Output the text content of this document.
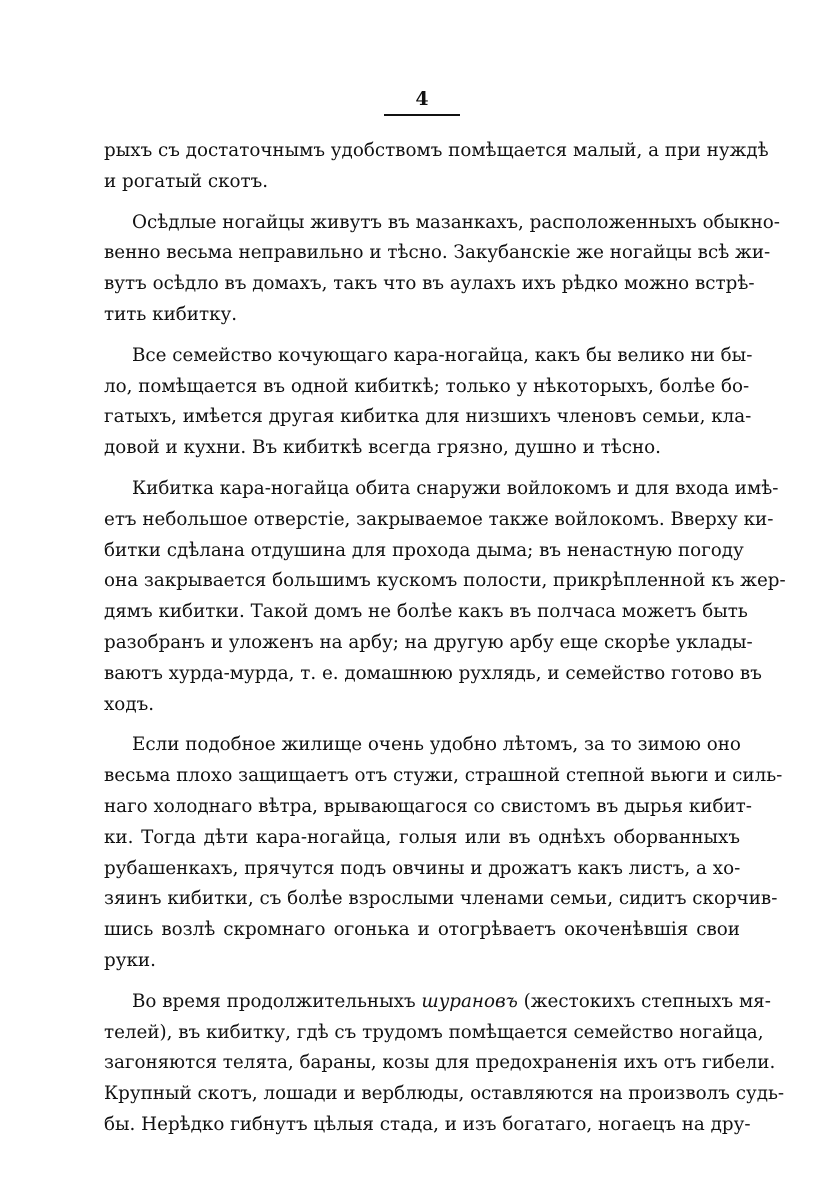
4
рыхъ съ достаточнымъ удобствомъ помѣщается малый, а при нуждѣ
и рогатый скотъ.
Осѣдлые ногайцы живутъ въ мазанкахъ, расположенныхъ обыкно-
венно весьма неправильно и тѣсно. Закубанскіе же ногайцы всѣ жи-
вутъ осѣдло въ домахъ, такъ что въ аулахъ ихъ рѣдко можно встрѣ-
тить кибитку.
Все семейство кочующаго кара-ногайца, какъ бы велико ни бы-
ло, помѣщается въ одной кибиткѣ; только у нѣкоторыхъ, болѣе бо-
гатыхъ, имѣется другая кибитка для низшихъ членовъ семьи, кла-
довой и кухни. Въ кибиткѣ всегда грязно, душно и тѣсно.
Кибитка кара-ногайца обита снаружи войлокомъ и для входа имѣ-
етъ небольшое отверстіе, закрываемое также войлокомъ. Вверху ки-
битки сдѣлана отдушина для прохода дыма; въ ненастную погоду
она закрывается большимъ кускомъ полости, прикрѣпленной къ жер-
дямъ кибитки. Такой домъ не болѣе какъ въ полчаса можетъ быть
разобранъ и уложенъ на арбу; на другую арбу еще скорѣе уклады-
ваютъ хурда-мурда, т. е. домашнюю рухлядь, и семейство готово въ
ходъ.
Если подобное жилище очень удобно лѣтомъ, за то зимою оно
весьма плохо защищаетъ отъ стужи, страшной степной вьюги и силь-
наго холоднаго вѣтра, врывающагося со свистомъ въ дырья кибит-
ки. Тогда дѣти кара-ногайца, голыя или въ однѣхъ оборванныхъ
рубашенкахъ, прячутся подъ овчины и дрожатъ какъ листъ, а хо-
зяинъ кибитки, съ болѣе взрослыми членами семьи, сидитъ скорчив-
шись возлѣ скромнаго огонька и отогрѣваетъ окоченѣвшія свои
руки.
Во время продолжительныхъ шурановъ (жестокихъ степныхъ мя-
телей), въ кибитку, гдѣ съ трудомъ помѣщается семейство ногайца,
загоняются телята, бараны, козы для предохраненія ихъ отъ гибели.
Крупный скотъ, лошади и верблюды, оставляются на произволъ судь-
бы. Нерѣдко гибнутъ цѣлыя стада, и изъ богатаго, ногаецъ на дру-
